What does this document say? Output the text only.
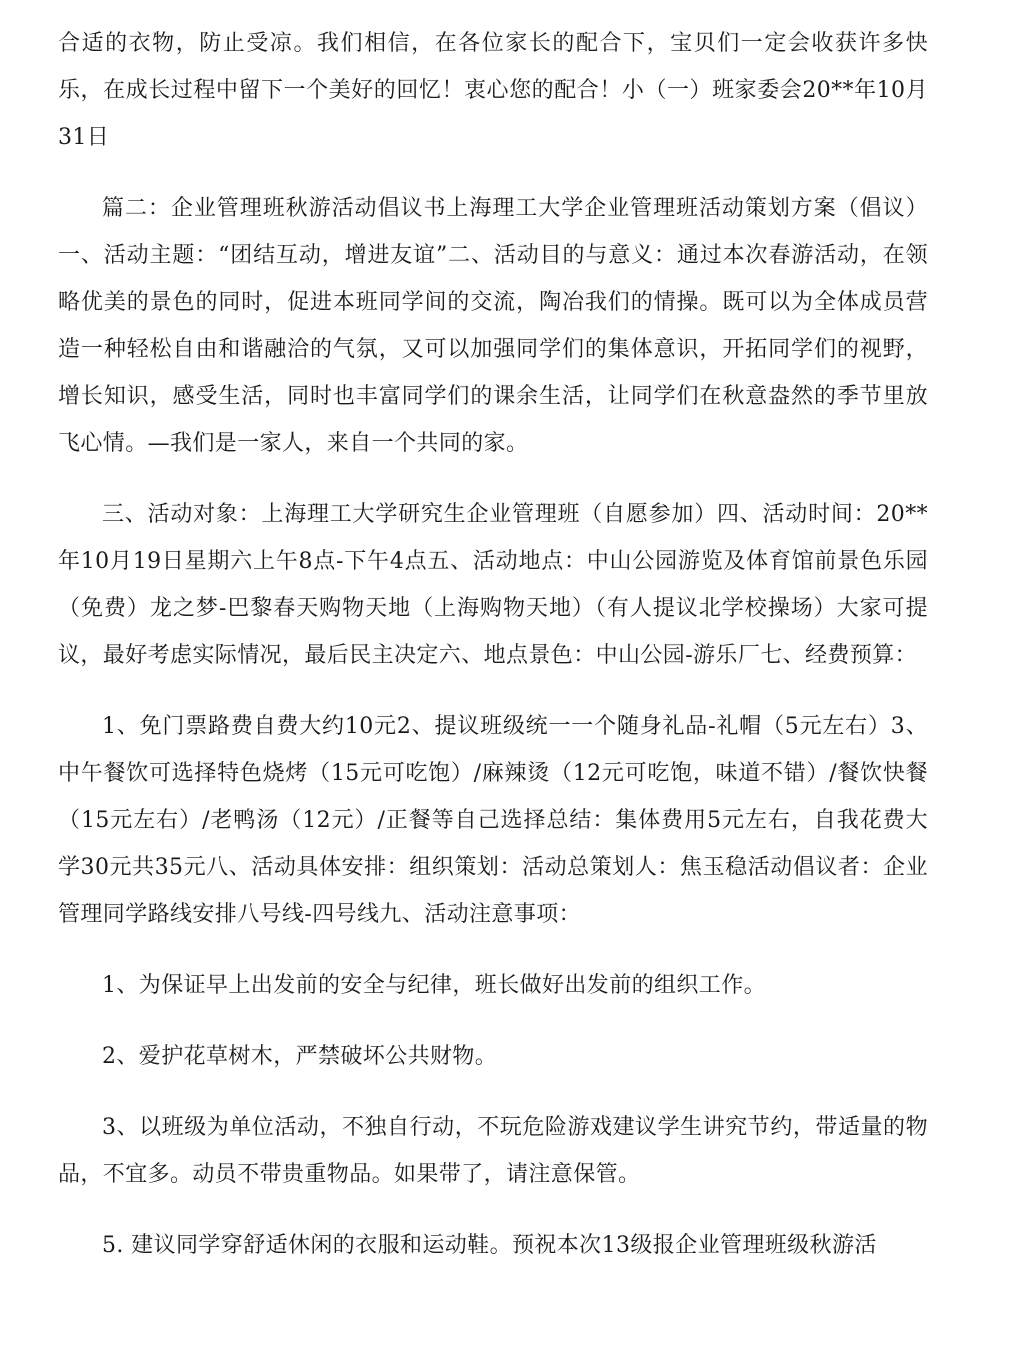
合适的衣物，防止受凉。我们相信，在各位家长的配合下，宝贝们一定会收获许多快乐，在成长过程中留下一个美好的回忆！衷心您的配合！小（一）班家委会20**年10月31日

篇二：企业管理班秋游活动倡议书上海理工大学企业管理班活动策划方案（倡议）一、活动主题：“团结互动，增进友谊”二、活动目的与意义：通过本次春游活动，在领略优美的景色的同时，促进本班同学间的交流，陶冶我们的情操。既可以为全体成员营造一种轻松自由和谐融洽的气氛，又可以加强同学们的集体意识，开拓同学们的视野，增长知识，感受生活，同时也丰富同学们的课余生活，让同学们在秋意盎然的季节里放飞心情。—我们是一家人，来自一个共同的家。

三、活动对象：上海理工大学研究生企业管理班（自愿参加）四、活动时间：20**年10月19日星期六上午8点-下午4点五、活动地点：中山公园游览及体育馆前景色乐园（免费）龙之梦-巴黎春天购物天地（上海购物天地）（有人提议北学校操场）大家可提议，最好考虑实际情况，最后民主决定六、地点景色：中山公园-游乐厂七、经费预算：

1、免门票路费自费大约10元2、提议班级统一一个随身礼品-礼帽（5元左右）3、中午餐饮可选择特色烧烤（15元可吃饱）/麻辣烫（12元可吃饱，味道不错）/餐饮快餐（15元左右）/老鸭汤（12元）/正餐等自己选择总结：集体费用5元左右，自我花费大学30元共35元八、活动具体安排：组织策划：活动总策划人：焦玉稳活动倡议者：企业管理同学路线安排八号线-四号线九、活动注意事项：

1、为保证早上出发前的安全与纪律，班长做好出发前的组织工作。

2、爱护花草树木，严禁破坏公共财物。

3、以班级为单位活动，不独自行动，不玩危险游戏建议学生讲究节约，带适量的物品，不宜多。动员不带贵重物品。如果带了，请注意保管。

5. 建议同学穿舒适休闲的衣服和运动鞋。预祝本次13级报企业管理班级秋游活
